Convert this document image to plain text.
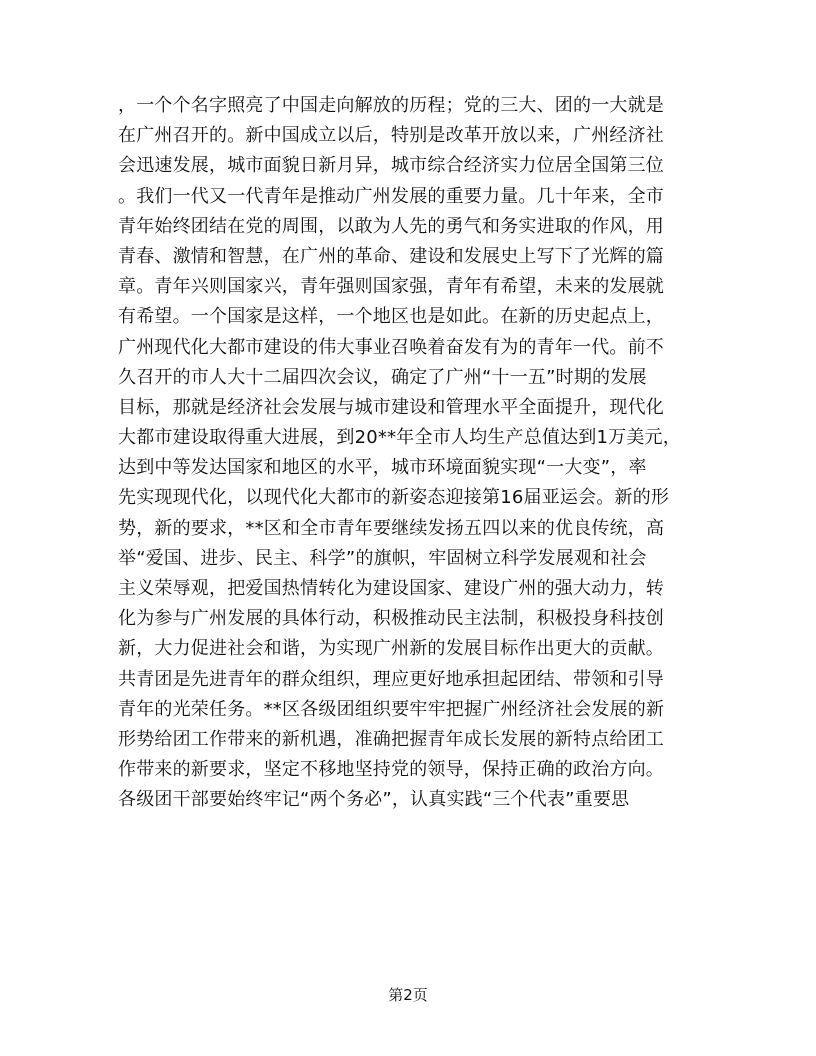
，一个个名字照亮了中国走向解放的历程；党的三大、团的一大就是
在广州召开的。新中国成立以后，特别是改革开放以来，广州经济社
会迅速发展，城市面貌日新月异，城市综合经济实力位居全国第三位
。我们一代又一代青年是推动广州发展的重要力量。几十年来，全市
青年始终团结在党的周围，以敢为人先的勇气和务实进取的作风，用
青春、激情和智慧，在广州的革命、建设和发展史上写下了光辉的篇
章。青年兴则国家兴，青年强则国家强，青年有希望，未来的发展就
有希望。一个国家是这样，一个地区也是如此。在新的历史起点上，
广州现代化大都市建设的伟大事业召唤着奋发有为的青年一代。前不
久召开的市人大十二届四次会议，确定了广州“十一五”时期的发展
目标，那就是经济社会发展与城市建设和管理水平全面提升，现代化
大都市建设取得重大进展，到20**年全市人均生产总值达到1万美元，
达到中等发达国家和地区的水平，城市环境面貌实现“一大变”，率
先实现现代化，以现代化大都市的新姿态迎接第16届亚运会。新的形
势，新的要求，**区和全市青年要继续发扬五四以来的优良传统，高
举“爱国、进步、民主、科学”的旗帜，牢固树立科学发展观和社会
主义荣辱观，把爱国热情转化为建设国家、建设广州的强大动力，转
化为参与广州发展的具体行动，积极推动民主法制，积极投身科技创
新，大力促进社会和谐，为实现广州新的发展目标作出更大的贡献。
共青团是先进青年的群众组织，理应更好地承担起团结、带领和引导
青年的光荣任务。**区各级团组织要牢牢把握广州经济社会发展的新
形势给团工作带来的新机遇，准确把握青年成长发展的新特点给团工
作带来的新要求，坚定不移地坚持党的领导，保持正确的政治方向。
各级团干部要始终牢记“两个务必”，认真实践“三个代表”重要思
第2页
